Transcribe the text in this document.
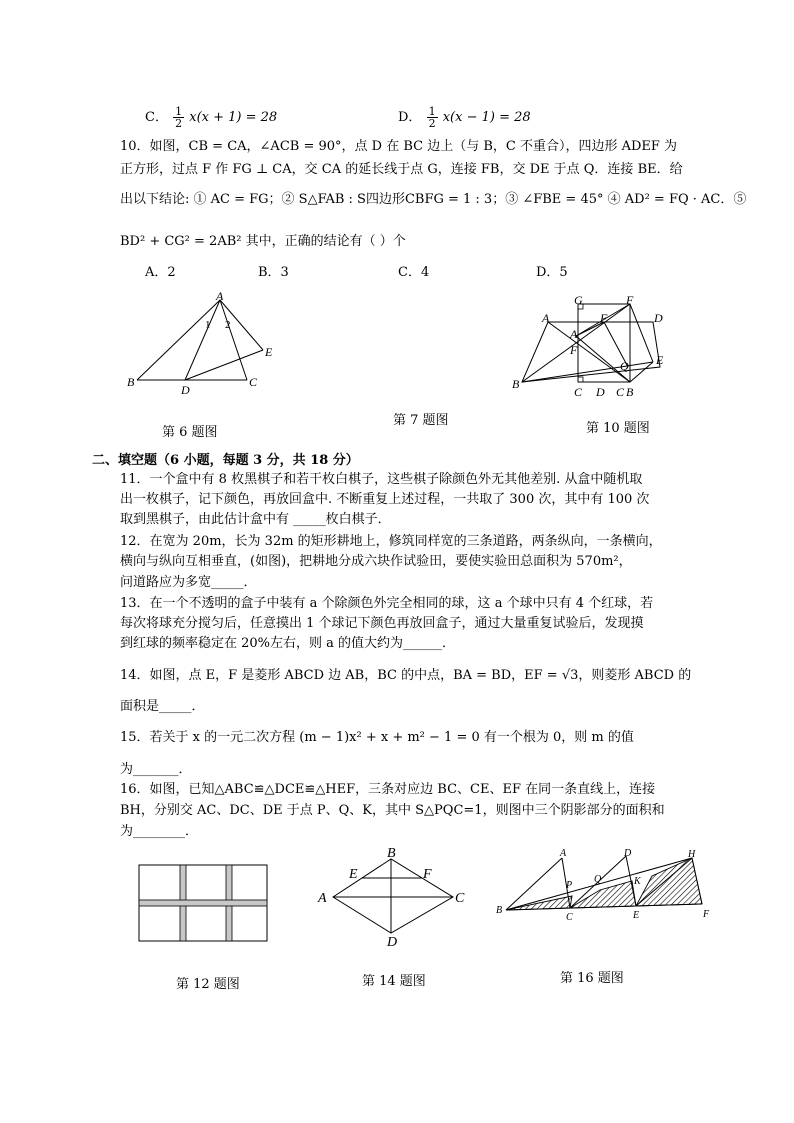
C． $\frac{1}{2} x(x + 1) = 28$	D． $\frac{1}{2} x(x - 1) = 28$
10．如图，CB = CA，∠ACB = 90°，点 D 在 BC 边上（与 B，C 不重合），四边形 ADEF 为
正方形，过点 F 作 FG ⊥ CA，交 CA 的延长线于点 G，连接 FB，交 DE 于点 Q．连接 BE．给
出以下结论: ① AC = FG；② S△FAB : S四边形CBFG = 1 : 3；③ ∠FBE = 45° ④ AD² = FQ · AC．⑤
BD² + CG² = 2AB² 其中，正确的结论有（ ）个
A．2	B．3	C．4	D．5
A
B	C
D
E
1 2
第 6 题图
第 7 题图
G	F
A	F	D
A
F
Q E
B
C D C B
第 10 题图
二、填空题（6 小题，每题 3 分，共 18 分）
11．一个盒中有 8 枚黑棋子和若干枚白棋子，这些棋子除颜色外无其他差别. 从盒中随机取
出一枚棋子，记下颜色，再放回盒中. 不断重复上述过程，一共取了 300 次，其中有 100 次
取到黑棋子，由此估计盒中有 _____枚白棋子．
12．在宽为 20m，长为 32m 的矩形耕地上，修筑同样宽的三条道路，两条纵向，一条横向，
横向与纵向互相垂直，(如图)，把耕地分成六块作试验田，要使实验田总面积为 570m²，
问道路应为多宽_____．
13．在一个不透明的盒子中装有 a 个除颜色外完全相同的球，这 a 个球中只有 4 个红球，若
每次将球充分搅匀后，任意摸出 1 个球记下颜色再放回盒子，通过大量重复试验后，发现摸
到红球的频率稳定在 20%左右，则 a 的值大约为______．
14．如图，点 E，F 是菱形 ABCD 边 AB，BC 的中点，BA = BD，EF = √3，则菱形 ABCD 的
面积是_____．
15．若关于 x 的一元二次方程 (m − 1)x² + x + m² − 1 = 0 有一个根为 0，则 m 的值
为_______．
16．如图，已知△ABC≌△DCE≌△HEF，三条对应边 BC、CE、EF 在同一条直线上，连接
BH，分别交 AC、DC、DE 于点 P、Q、K，其中 S△PQC=1，则图中三个阴影部分的面积和
为________．
第 12 题图
B
A	C
D
E	F
第 14 题图
A
B
C
D
E	F
H
P
Q	K
第 16 题图
